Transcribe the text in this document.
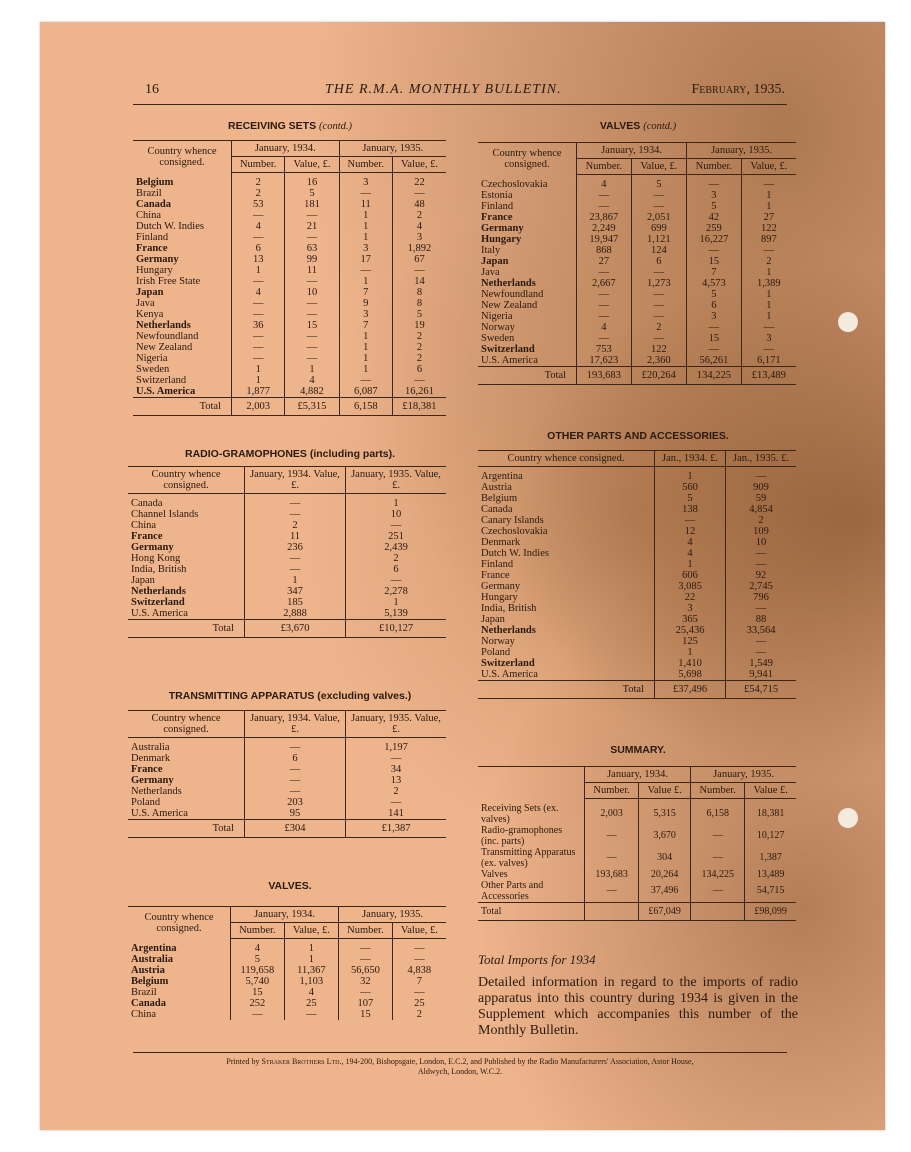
16	THE R.M.A. MONTHLY BULLETIN.	February, 1935.
RECEIVING SETS (contd.)
Country whence consigned.	January, 1934.		January, 1935.	
	Number.	Value, £.	Number.	Value, £.
Belgium	2	16	3	22
Brazil	2	5	—	—
Canada	53	181	11	48
China	—	—	1	2
Dutch W. Indies	4	21	1	4
Finland	—	—	1	3
France	6	63	3	1,892
Germany	13	99	17	67
Hungary	1	11	—	—
Irish Free State	—	—	1	14
Japan	4	10	7	8
Java	—	—	9	8
Kenya	—	—	3	5
Netherlands	36	15	7	19
Newfoundland	—	—	1	2
New Zealand	—	—	1	2
Nigeria	—	—	1	2
Sweden	1	1	1	6
Switzerland	1	4	—	—
U.S. America	1,877	4,882	6,087	16,261
Total	2,003	£5,315	6,158	£18,381
RADIO-GRAMOPHONES (including parts).
Country whence consigned.	January, 1934. Value, £.	January, 1935. Value, £.
Canada	—	1
Channel Islands	—	10
China	2	—
France	11	251
Germany	236	2,439
Hong Kong	—	2
India, British	—	6
Japan	1	—
Netherlands	347	2,278
Switzerland	185	1
U.S. America	2,888	5,139
Total	£3,670	£10,127
TRANSMITTING APPARATUS (excluding valves.)
Country whence consigned.	January, 1934. Value, £.	January, 1935. Value, £.
Australia	—	1,197
Denmark	6	—
France	—	34
Germany	—	13
Netherlands	—	2
Poland	203	—
U.S. America	95	141
Total	£304	£1,387
VALVES.
Country whence consigned.	January, 1934.		January, 1935.	
	Number.	Value, £.	Number.	Value, £.
Argentina	4	1	—	—
Australia	5	1	—	—
Austria	119,658	11,367	56,650	4,838
Belgium	5,740	1,103	32	7
Brazil	15	4	—	—
Canada	252	25	107	25
China	—	—	15	2
VALVES (contd.)
Country whence consigned.	January, 1934.		January, 1935.	
	Number.	Value, £.	Number.	Value, £.
Czechoslovakia	4	5	—	—
Estonia	—	—	3	1
Finland	—	—	5	1
France	23,867	2,051	42	27
Germany	2,249	699	259	122
Hungary	19,947	1,121	16,227	897
Italy	868	124	—	—
Japan	27	6	15	2
Java	—	—	7	1
Netherlands	2,667	1,273	4,573	1,389
Newfoundland	—	—	5	1
New Zealand	—	—	6	1
Nigeria	—	—	3	1
Norway	4	2	—	—
Sweden	—	—	15	3
Switzerland	753	122	—	—
U.S. America	17,623	2,360	56,261	6,171
Total	193,683	£20,264	134,225	£13,489
OTHER PARTS AND ACCESSORIES.
Country whence consigned.	Jan., 1934. £.	Jan., 1935. £.
Argentina	1	—
Austria	560	909
Belgium	5	59
Canada	138	4,854
Canary Islands	—	2
Czechoslovakia	12	109
Denmark	4	10
Dutch W. Indies	4	—
Finland	1	—
France	606	92
Germany	3,085	2,745
Hungary	22	796
India, British	3	—
Japan	365	88
Netherlands	25,436	33,564
Norway	125	—
Poland	1	—
Switzerland	1,410	1,549
U.S. America	5,698	9,941
Total	£37,496	£54,715
SUMMARY.
	January, 1934.		January, 1935.	
	Number.	Value £.	Number.	Value £.
Receiving Sets (ex. valves)	2,003	5,315	6,158	18,381
Radio-gramophones (inc. parts)	—	3,670	—	10,127
Transmitting Apparatus (ex. valves)	—	304	—	1,387
Valves	193,683	20,264	134,225	13,489
Other Parts and Accessories	—	37,496	—	54,715
Total		£67,049		£98,099
Total Imports for 1934
Detailed information in regard to the imports of radio apparatus into this country during 1934 is given in the Supplement which accompanies this number of the Monthly Bulletin.
Printed by Straker Brothers Ltd., 194-200, Bishopsgate, London, E.C.2, and Published by the Radio Manufacturers' Association, Astor House,
Aldwych, London, W.C.2.
